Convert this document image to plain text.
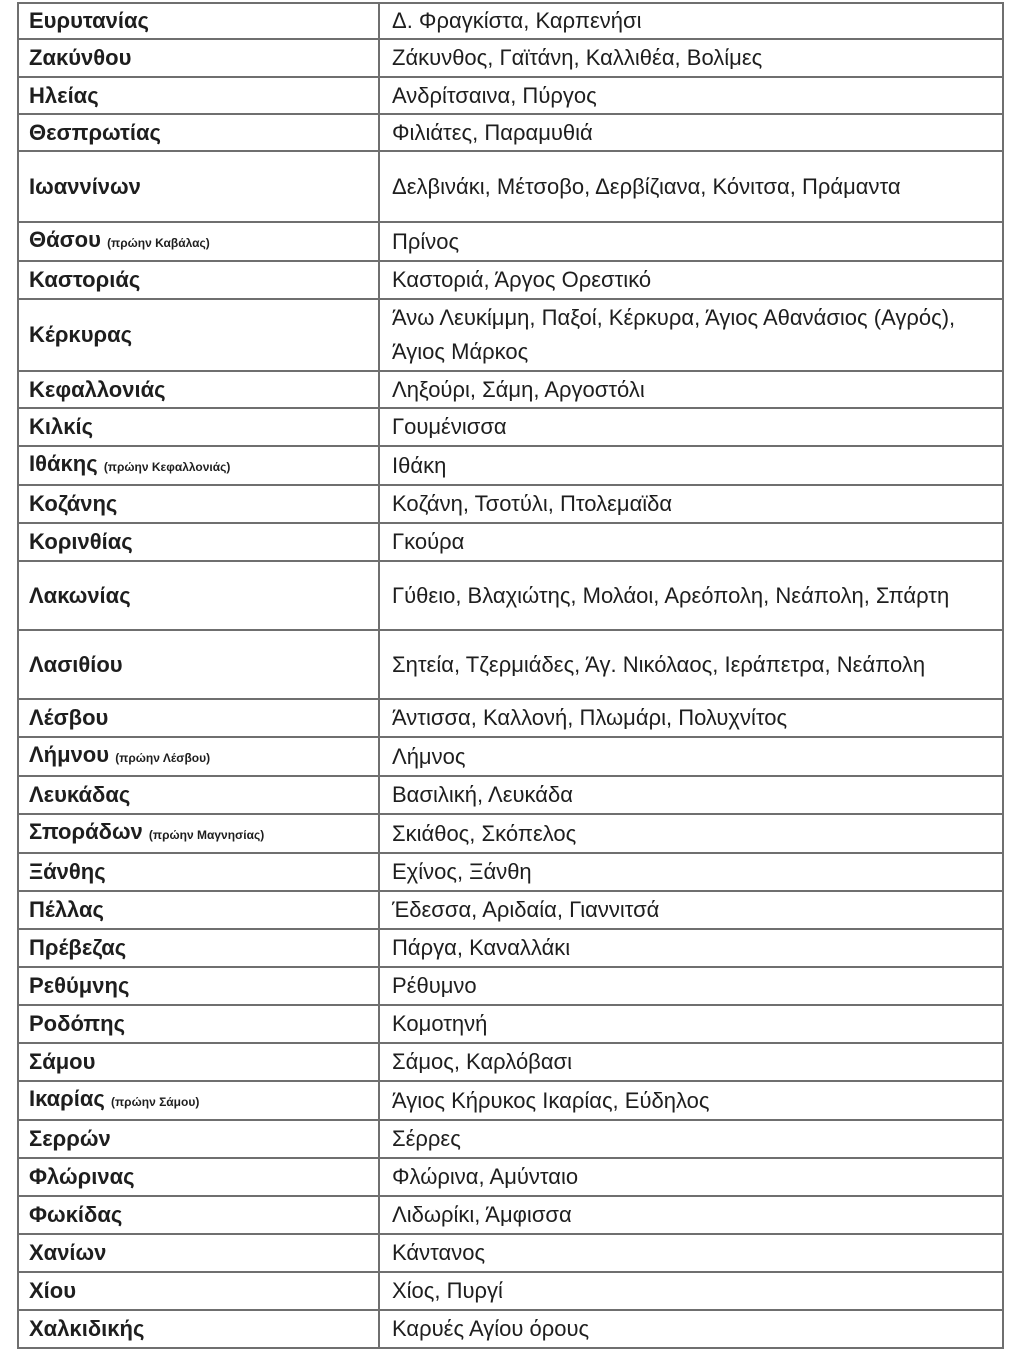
Ευρυτανίας	Δ. Φραγκίστα, Καρπενήσι
Ζακύνθου	Ζάκυνθος, Γαϊτάνη, Καλλιθέα, Βολίμες
Ηλείας	Ανδρίτσαινα, Πύργος
Θεσπρωτίας	Φιλιάτες, Παραμυθιά
Ιωαννίνων	Δελβινάκι, Μέτσοβο, Δερβίζιανα, Κόνιτσα, Πράμαντα
Θάσου (πρώην Καβάλας)	Πρίνος
Καστοριάς	Καστοριά, Άργος Ορεστικό
Κέρκυρας	Άνω Λευκίμμη, Παξοί, Κέρκυρα, Άγιος Αθανάσιος (Αγρός), Άγιος Μάρκος
Κεφαλλονιάς	Ληξούρι, Σάμη, Αργοστόλι
Κιλκίς	Γουμένισσα
Ιθάκης (πρώην Κεφαλλονιάς)	Ιθάκη
Κοζάνης	Κοζάνη, Τσοτύλι, Πτολεμαϊδα
Κορινθίας	Γκούρα
Λακωνίας	Γύθειο, Βλαχιώτης, Μολάοι, Αρεόπολη, Νεάπολη, Σπάρτη
Λασιθίου	Σητεία, Τζερμιάδες, Άγ. Νικόλαος, Ιεράπετρα, Νεάπολη
Λέσβου	Άντισσα, Καλλονή, Πλωμάρι, Πολυχνίτος
Λήμνου (πρώην Λέσβου)	Λήμνος
Λευκάδας	Βασιλική, Λευκάδα
Σποράδων (πρώην Μαγνησίας)	Σκιάθος, Σκόπελος
Ξάνθης	Εχίνος, Ξάνθη
Πέλλας	Έδεσσα, Αριδαία, Γιαννιτσά
Πρέβεζας	Πάργα, Καναλλάκι
Ρεθύμνης	Ρέθυμνο
Ροδόπης	Κομοτηνή
Σάμου	Σάμος, Καρλόβασι
Ικαρίας (πρώην Σάμου)	Άγιος Κήρυκος Ικαρίας, Εύδηλος
Σερρών	Σέρρες
Φλώρινας	Φλώρινα, Αμύνταιο
Φωκίδας	Λιδωρίκι, Άμφισσα
Χανίων	Κάντανος
Χίου	Χίος, Πυργί
Χαλκιδικής	Καρυές Αγίου όρους
